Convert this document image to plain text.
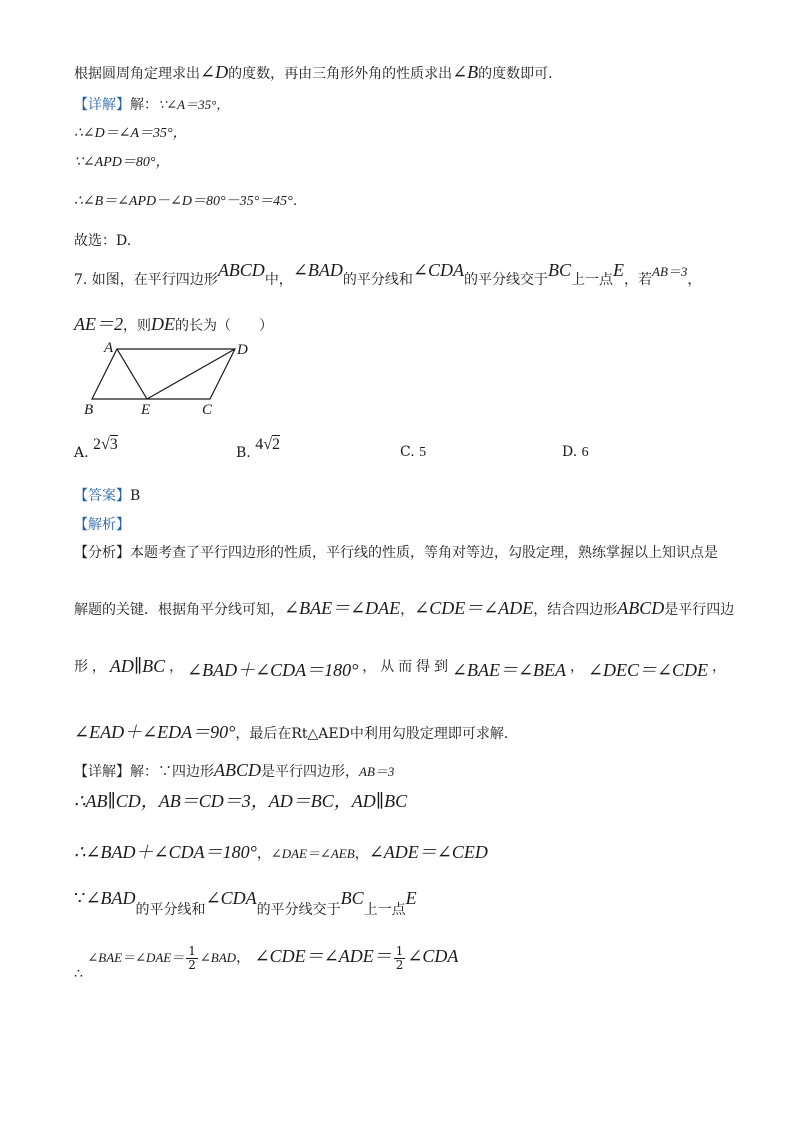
根据圆周角定理求出∠D的度数，再由三角形外角的性质求出∠B的度数即可.
【详解】解：∵∠A＝35°，
∴∠D＝∠A＝35°，
∵∠APD＝80°，
∴∠B＝∠APD－∠D＝80°－35°＝45°．
故选：D.
7. 如图，在平行四边形ABCD中，∠BAD的平分线和∠CDA的平分线交于BC上一点E，若AB＝3，
AE＝2，则DE的长为（　　）
A	D
B	E	C
A. 2√3	B. 4√2	C. 5	D. 6
【答案】B
【解析】
【分析】本题考查了平行四边形的性质，平行线的性质，等角对等边，勾股定理，熟练掌握以上知识点是
解题的关键．根据角平分线可知，∠BAE＝∠DAE，∠CDE＝∠ADE，结合四边形ABCD是平行四边
形 ， AD∥BC ， ∠BAD＋∠CDA＝180° ， 从 而 得 到 ∠BAE＝∠BEA ， ∠DEC＝∠CDE ，
∠EAD＋∠EDA＝90°，最后在Rt△AED中利用勾股定理即可求解.
【详解】解：∵四边形ABCD是平行四边形，AB＝3
∴AB∥CD，AB＝CD＝3，AD＝BC，AD∥BC
∴∠BAD＋∠CDA＝180°，∠DAE＝∠AEB，∠ADE＝∠CED
∵∠BAD的平分线和∠CDA的平分线交于BC上一点E
∴ ∠BAE＝∠DAE＝ $\frac{1}{2}$ ∠BAD， ∠CDE＝∠ADE＝ $\frac{1}{2}$ ∠CDA
